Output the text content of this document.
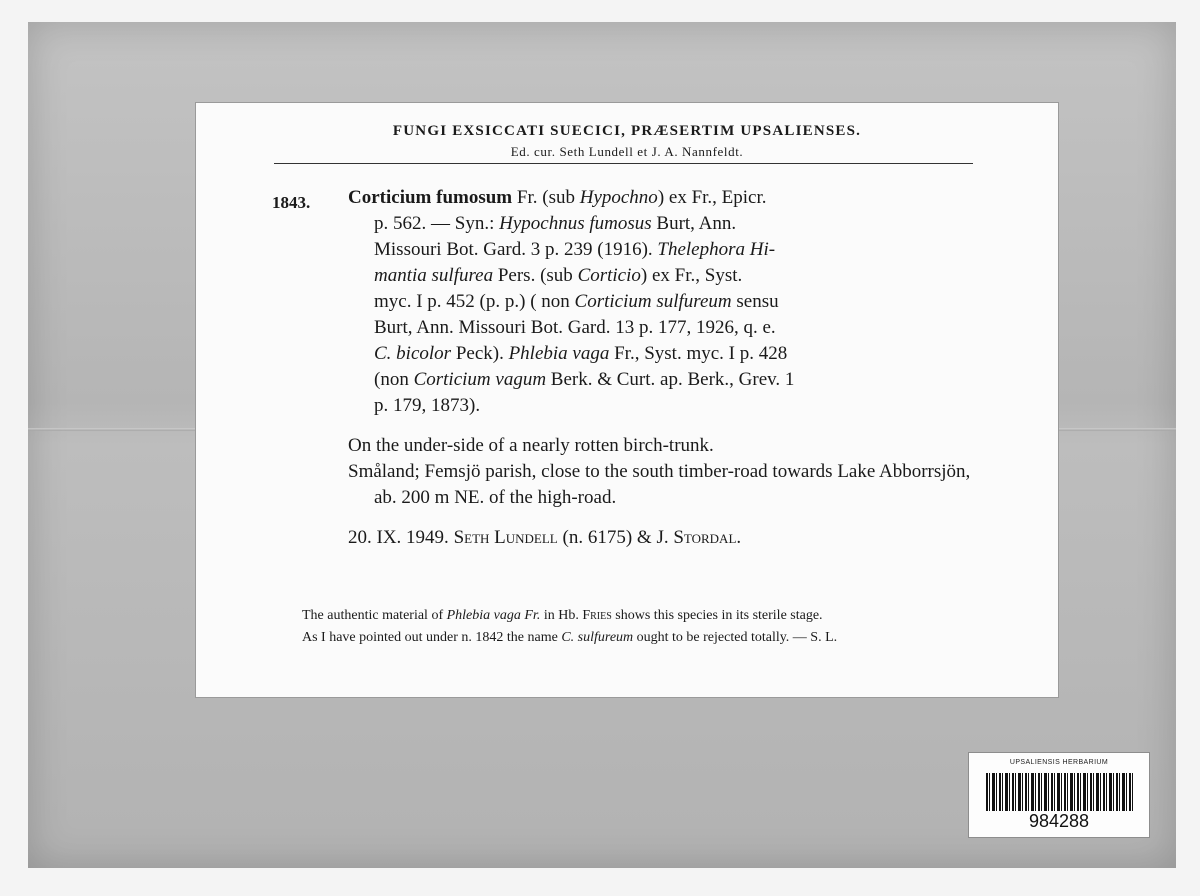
FUNGI EXSICCATI SUECICI, PRÆSERTIM UPSALIENSES.
Ed. cur. Seth Lundell et J. A. Nannfeldt.
1843. Corticium fumosum Fr. (sub Hypochno) ex Fr., Epicr.

p. 562. — Syn.: Hypochnus fumosus Burt, Ann.

Missouri Bot. Gard. 3 p. 239 (1916). Thelephora Hi-

mantia sulfurea Pers. (sub Corticio) ex Fr., Syst.

myc. I p. 452 (p. p.) ( non Corticium sulfureum sensu

Burt, Ann. Missouri Bot. Gard. 13 p. 177, 1926, q. e.

C. bicolor Peck). Phlebia vaga Fr., Syst. myc. I p. 428

(non Corticium vagum Berk. & Curt. ap. Berk., Grev. 1

p. 179, 1873).

On the under-side of a nearly rotten birch-trunk.

Småland; Femsjö parish, close to the south timber-road towards Lake Abborrsjön, ab. 200 m NE. of the high-road.

20. IX. 1949. Seth Lundell (n. 6175) & J. Stordal.

The authentic material of Phlebia vaga Fr. in Hb. Fries shows this species in its sterile stage.

As I have pointed out under n. 1842 the name C. sulfureum ought to be rejected totally. — S. L.

UPSALIENSIS HERBARIUM
984288
